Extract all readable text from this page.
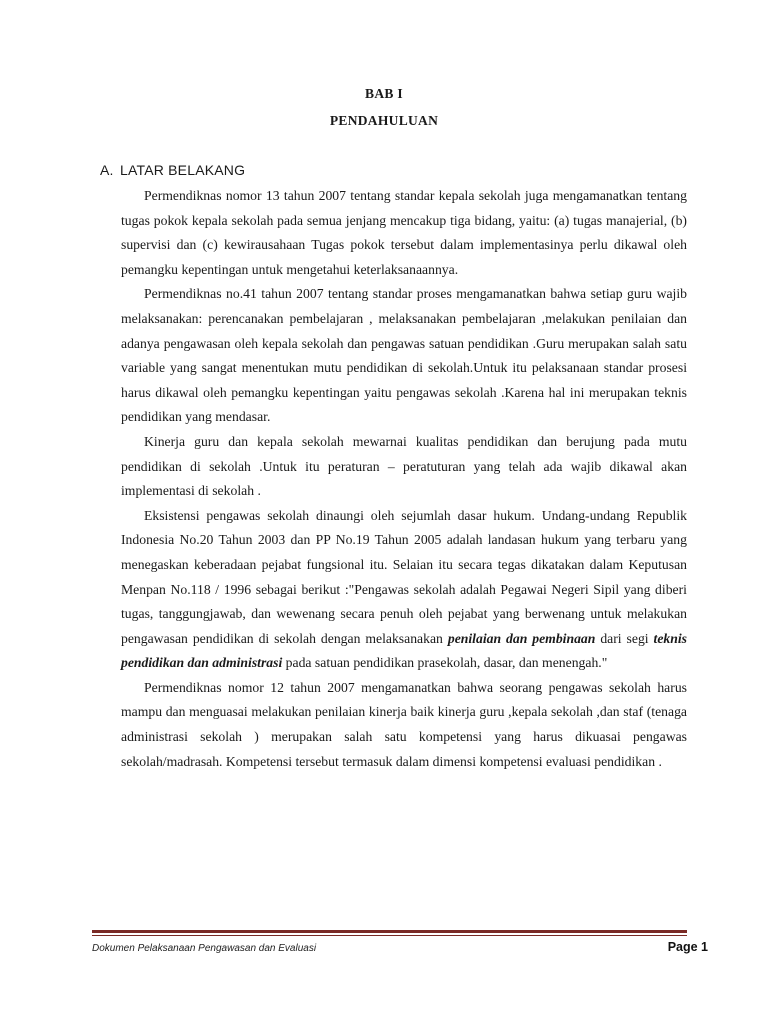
BAB I
PENDAHULUAN
A. LATAR BELAKANG

Permendiknas nomor 13 tahun 2007 tentang standar kepala sekolah juga mengamanatkan tentang tugas pokok kepala sekolah pada semua jenjang mencakup tiga bidang, yaitu: (a) tugas manajerial, (b) supervisi dan (c) kewirausahaan Tugas pokok tersebut dalam implementasinya perlu dikawal oleh pemangku kepentingan untuk mengetahui keterlaksanaannya.

Permendiknas no.41 tahun 2007 tentang standar proses mengamanatkan bahwa setiap guru wajib melaksanakan: perencanakan pembelajaran , melaksanakan pembelajaran ,melakukan penilaian dan adanya pengawasan oleh kepala sekolah dan pengawas satuan pendidikan .Guru merupakan salah satu variable yang sangat menentukan mutu pendidikan di sekolah.Untuk itu pelaksanaan standar prosesi harus dikawal oleh pemangku kepentingan yaitu pengawas sekolah .Karena hal ini merupakan teknis pendidikan yang mendasar.

Kinerja guru dan kepala sekolah mewarnai kualitas pendidikan dan berujung pada mutu pendidikan di sekolah .Untuk itu peraturan – peratuturan yang telah ada wajib dikawal akan implementasi di sekolah .

Eksistensi pengawas sekolah dinaungi oleh sejumlah dasar hukum. Undang-undang Republik Indonesia No.20 Tahun 2003 dan PP No.19 Tahun 2005 adalah landasan hukum yang terbaru yang menegaskan keberadaan pejabat fungsional itu. Selaian itu secara tegas dikatakan dalam Keputusan Menpan No.118 / 1996 sebagai berikut :"Pengawas sekolah adalah Pegawai Negeri Sipil yang diberi tugas, tanggungjawab, dan wewenang secara penuh oleh pejabat yang berwenang untuk melakukan pengawasan pendidikan di sekolah dengan melaksanakan penilaian dan pembinaan dari segi teknis pendidikan dan administrasi pada satuan pendidikan prasekolah, dasar, dan menengah."

Permendiknas nomor 12 tahun 2007 mengamanatkan bahwa seorang pengawas sekolah harus mampu dan menguasai melakukan penilaian kinerja baik kinerja guru ,kepala sekolah ,dan staf (tenaga administrasi sekolah ) merupakan salah satu kompetensi yang harus dikuasai pengawas sekolah/madrasah. Kompetensi tersebut termasuk dalam dimensi kompetensi evaluasi pendidikan .

Dokumen Pelaksanaan Pengawasan dan Evaluasi	Page 1
